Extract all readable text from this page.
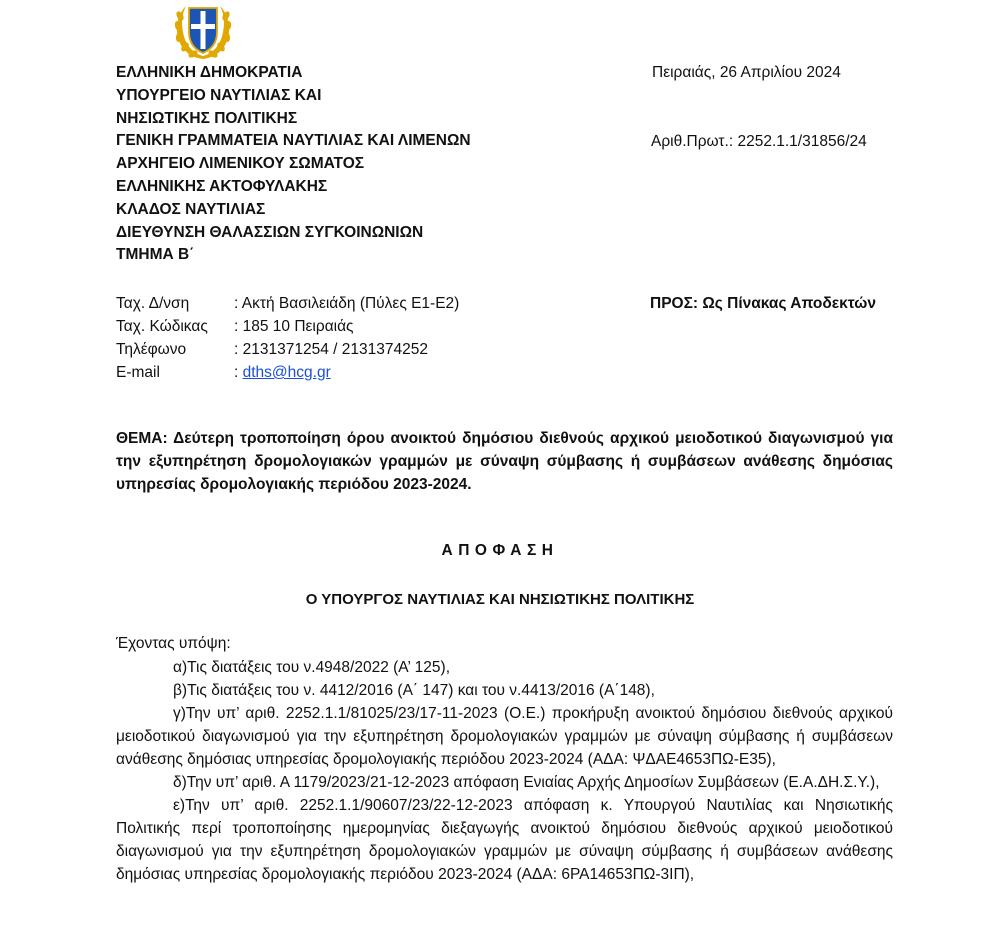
ΕΛΛΗΝΙΚΗ ΔΗΜΟΚΡΑΤΙΑ
ΥΠΟΥΡΓΕΙΟ ΝΑΥΤΙΛΙΑΣ ΚΑΙ
ΝΗΣΙΩΤΙΚΗΣ ΠΟΛΙΤΙΚΗΣ
ΓΕΝΙΚΗ ΓΡΑΜΜΑΤΕΙΑ ΝΑΥΤΙΛΙΑΣ ΚΑΙ ΛΙΜΕΝΩΝ
ΑΡΧΗΓΕΙΟ ΛΙΜΕΝΙΚΟΥ ΣΩΜΑΤΟΣ
ΕΛΛΗΝΙΚΗΣ ΑΚΤΟΦΥΛΑΚΗΣ
ΚΛΑΔΟΣ ΝΑΥΤΙΛΙΑΣ
ΔΙΕΥΘΥΝΣΗ ΘΑΛΑΣΣΙΩΝ ΣΥΓΚΟΙΝΩΝΙΩΝ
ΤΜΗΜΑ Β΄
Πειραιάς, 26 Απριλίου 2024
Αριθ.Πρωτ.: 2252.1.1/31856/24
Ταχ. Δ/νση	: Ακτή Βασιλειάδη (Πύλες Ε1-Ε2)
Ταχ. Κώδικας : 185 10 Πειραιάς
Τηλέφωνο	: 2131371254 / 2131374252
E-mail	: dths@hcg.gr
ΠΡΟΣ: Ως Πίνακας Αποδεκτών
ΘΕΜΑ: Δεύτερη τροποποίηση όρου ανοικτού δημόσιου διεθνούς αρχικού μειοδοτικού διαγωνισμού για την εξυπηρέτηση δρομολογιακών γραμμών με σύναψη σύμβασης ή συμβάσεων ανάθεσης δημόσιας υπηρεσίας δρομολογιακής περιόδου 2023-2024.
ΑΠΟΦΑΣΗ
Ο ΥΠΟΥΡΓΟΣ ΝΑΥΤΙΛΙΑΣ ΚΑΙ ΝΗΣΙΩΤΙΚΗΣ ΠΟΛΙΤΙΚΗΣ
Έχοντας υπόψη:

α)Τις διατάξεις του ν.4948/2022 (Α’ 125),

β)Τις διατάξεις του ν. 4412/2016 (Α΄ 147) και του ν.4413/2016 (Α΄148),

γ)Την υπ’ αριθ. 2252.1.1/81025/23/17-11-2023 (Ο.Ε.) προκήρυξη ανοικτού δημόσιου διεθνούς αρχικού μειοδοτικού διαγωνισμού για την εξυπηρέτηση δρομολογιακών γραμμών με σύναψη σύμβασης ή συμβάσεων ανάθεσης δημόσιας υπηρεσίας δρομολογιακής περιόδου 2023-2024 (ΑΔΑ: ΨΔΑΕ4653ΠΩ-Ε35),

δ)Την υπ’ αριθ. Α 1179/2023/21-12-2023 απόφαση Ενιαίας Αρχής Δημοσίων Συμβάσεων (Ε.Α.ΔΗ.Σ.Υ.),

ε)Την υπ’ αριθ. 2252.1.1/90607/23/22-12-2023 απόφαση κ. Υπουργού Ναυτιλίας και Νησιωτικής Πολιτικής περί τροποποίησης ημερομηνίας διεξαγωγής ανοικτού δημόσιου διεθνούς αρχικού μειοδοτικού διαγωνισμού για την εξυπηρέτηση δρομολογιακών γραμμών με σύναψη σύμβασης ή συμβάσεων ανάθεσης δημόσιας υπηρεσίας δρομολογιακής περιόδου 2023-2024 (ΑΔΑ: 6ΡΑ14653ΠΩ-3ΙΠ),
